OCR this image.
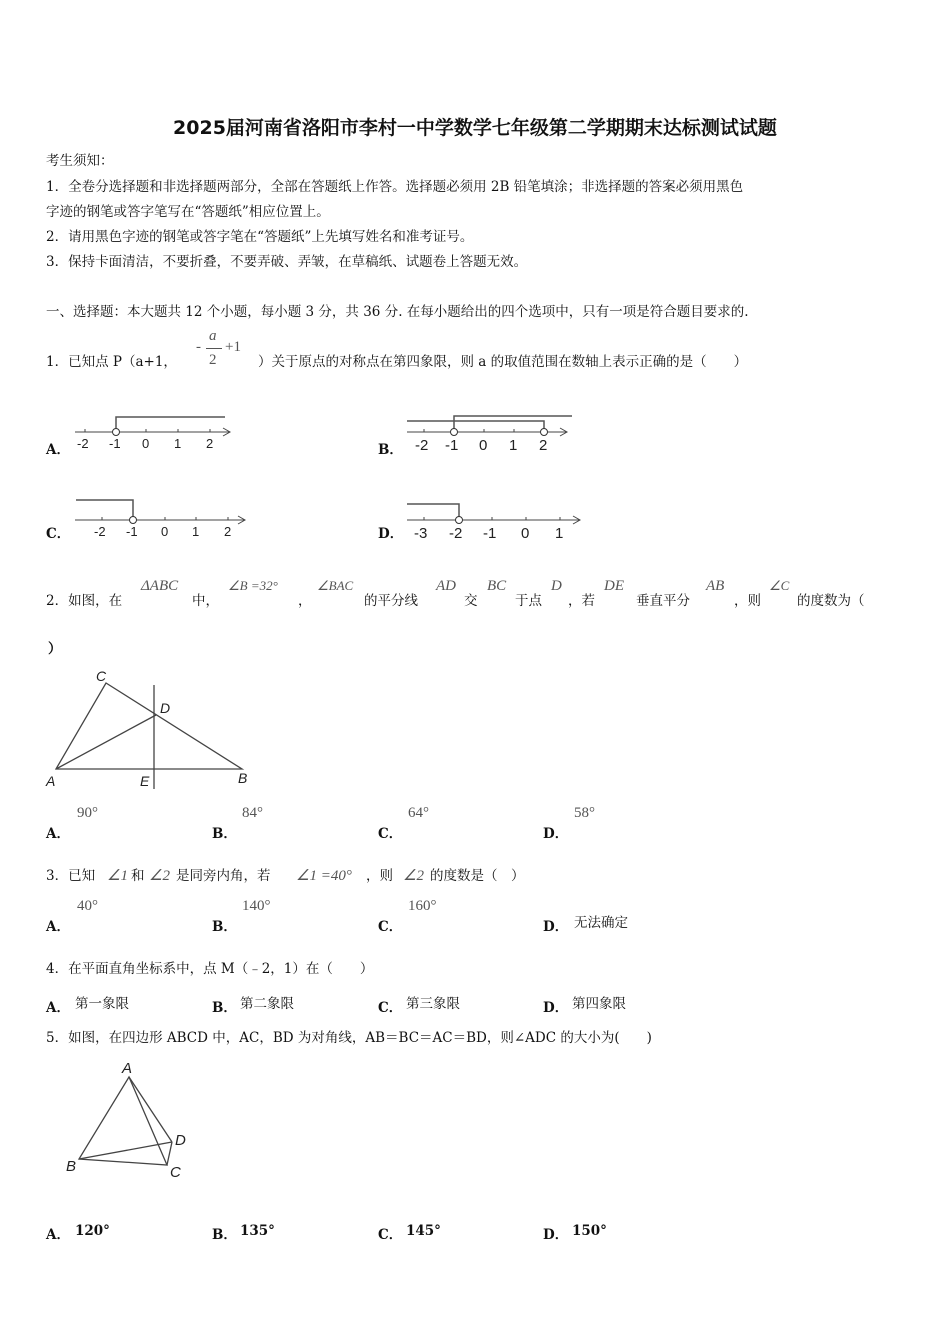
2025届河南省洛阳市李村一中学数学七年级第二学期期末达标测试试题
考生须知：
1．全卷分选择题和非选择题两部分，全部在答题纸上作答。选择题必须用 2B 铅笔填涂；非选择题的答案必须用黑色
字迹的钢笔或答字笔写在“答题纸”相应位置上。
2．请用黑色字迹的钢笔或答字笔在“答题纸”上先填写姓名和准考证号。
3．保持卡面清洁，不要折叠，不要弄破、弄皱，在草稿纸、试题卷上答题无效。
一、选择题：本大题共 12 个小题，每小题 3 分，共 36 分. 在每小题给出的四个选项中，只有一项是符合题目要求的.
1．已知点 P（a+1，
-
a
2
+1
）关于原点的对称点在第四象限，则 a 的取值范围在数轴上表示正确的是（　　）
A． -2 -1 0 1 2	B． -2 -1 0 1 2
C． -2 -1 0 1 2	D． -3 -2 -1 0 1
2．如图，在
ΔABC
中，
∠B =32°
，
∠BAC
的平分线
AD
交
BC
于点
D
，若
DE
垂直平分
AB
，则
∠C
的度数为（
）
A	B
C
D
E
A．
90°
B．
84°
C．
64°
D．
58°
3．已知 ∠1 和 ∠2 是同旁内角，若 ∠1 =40° ，则 ∠2 的度数是（　）
A．
40°
B．
140°
C．
160°
D． 无法确定
4．在平面直角坐标系中，点 M（﹣2，1）在（　　）
A． 第一象限	B． 第二象限	C． 第三象限	D． 第四象限
5．如图，在四边形 ABCD 中，AC，BD 为对角线，AB＝BC＝AC＝BD，则∠ADC 的大小为(　　)
A
B	C
D
A． 120°	B． 135°	C． 145°	D． 150°
